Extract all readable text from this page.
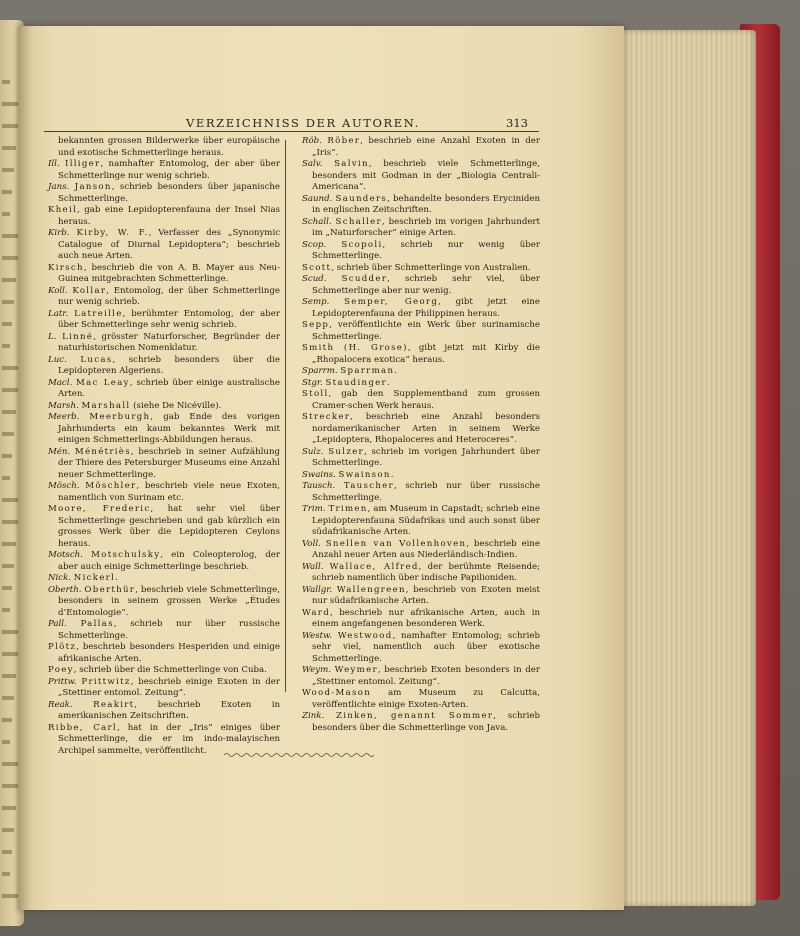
VERZEICHNISS DER AUTOREN.	313

bekannten grossen Bilderwerke über europäische und exotische Schmetterlinge heraus.

Ill. Illiger, namhafter Entomolog, der aber über Schmetterlinge nur wenig schrieb.

Jans. Janson, schrieb besonders über japanische Schmetterlinge.

Kheil, gab eine Lepidopterenfauna der Insel Nias heraus.

Kirb. Kirby, W. F., Verfasser des „Synonymic Catalogue of Diurnal Lepidoptera“; beschrieb auch neue Arten.

Kirsch, beschrieb die von A. B. Mayer aus Neu-Guinea mitgebrachten Schmetterlinge.

Koll. Kollar, Entomolog, der über Schmetterlinge nur wenig schrieb.

Latr. Latreille, berühmter Entomolog, der aber über Schmetterlinge sehr wenig schrieb.

L. Linné, grösster Naturforscher, Begründer der naturhistorischen Nomenklatur.

Luc. Lucas, schrieb besonders über die Lepidopteren Algeriens.

Macl. Mac Leay, schrieb über einige australische Arten.

Marsh. Marshall (siehe De Nicéville).

Meerb. Meerburgh, gab Ende des vorigen Jahrhunderts ein kaum bekanntes Werk mit einigen Schmetterlings-Abbildungen heraus.

Mén. Ménétriès, beschrieb in seiner Aufzählung der Thiere des Petersburger Museums eine Anzahl neuer Schmetterlinge.

Mösch. Möschler, beschrieb viele neue Exoten, namentlich von Surinam etc.

Moore, Frederic, hat sehr viel über Schmetterlinge geschrieben und gab kürzlich ein grosses Werk über die Lepidopteren Ceylons heraus.

Motsch. Motschulsky, ein Coleopterolog, der aber auch einige Schmetterlinge beschrieb.

Nick. Nickerl.

Oberth. Oberthür, beschrieb viele Schmetterlinge, besonders in seinem grossen Werke „Études d’Entomologie“.

Pall. Pallas, schrieb nur über russische Schmetterlinge.

Plötz, beschrieb besonders Hesperiden und einige afrikanische Arten.

Poey, schrieb über die Schmetterlinge von Cuba.

Prittw. Prittwitz, beschrieb einige Exoten in der „Stettiner entomol. Zeitung“.

Reak. Reakirt, beschrieb Exoten in amerikanischen Zeitschriften.

Ribbe, Carl, hat in der „Iris“ einiges über Schmetterlinge, die er im indo-malayischen Archipel sammelte, veröffentlicht.

Röb. Röber, beschrieb eine Anzahl Exoten in der „Iris“.

Salv. Salvin, beschrieb viele Schmetterlinge, besonders mit Godman in der „Biologia Centrali-Americana“.

Saund. Saunders, behandelte besonders Eryciniden in englischen Zeitschriften.

Schall. Schaller, beschrieb im vorigen Jahrhundert im „Naturforscher“ einige Arten.

Scop. Scopoli, schrieb nur wenig über Schmetterlinge.

Scott, schrieb über Schmetterlinge von Australien.

Scud. Scudder, schrieb sehr viel, über Schmetterlinge aber nur wenig.

Semp. Semper, Georg, gibt jetzt eine Lepidopterenfauna der Philippinen heraus.

Sepp, veröffentlichte ein Werk über surinamische Schmetterlinge.

Smith (H. Grose), gibt jetzt mit Kirby die „Rhopalocera exotica“ heraus.

Sparrm. Sparrman.

Stgr. Staudinger.

Stoll, gab den Supplementband zum grossen Cramer-schen Werk heraus.

Strecker, beschrieb eine Anzahl besonders nordamerikanischer Arten in seinem Werke „Lepidoptera, Rhopaloceres and Heteroceres“.

Sulz. Sulzer, schrieb im vorigen Jahrhundert über Schmetterlinge.

Swains. Swainson.

Tausch. Tauscher, schrieb nur über russische Schmetterlinge.

Trim. Trimen, am Museum in Capstadt; schrieb eine Lepidopterenfauna Südafrikas und auch sonst über südafrikanische Arten.

Voll. Snellen van Vollenhoven, beschrieb eine Anzahl neuer Arten aus Niederländisch-Indien.

Wall. Wallace, Alfred, der berühmte Reisende; schrieb namentlich über indische Papilioniden.

Wallgr. Wallengreen, beschrieb von Exoten meist nur südafrikanische Arten.

Ward, beschrieb nur afrikanische Arten, auch in einem angefangenen besonderen Werk.

Westw. Westwood, namhafter Entomolog; schrieb sehr viel, namentlich auch über exotische Schmetterlinge.

Weym. Weymer, beschrieb Exoten besonders in der „Stettiner entomol. Zeitung“.

Wood-Mason am Museum zu Calcutta, veröffentlichte einige Exoten-Arten.

Zink. Zinken, genannt Sommer, schrieb besonders über die Schmetterlinge von Java.
